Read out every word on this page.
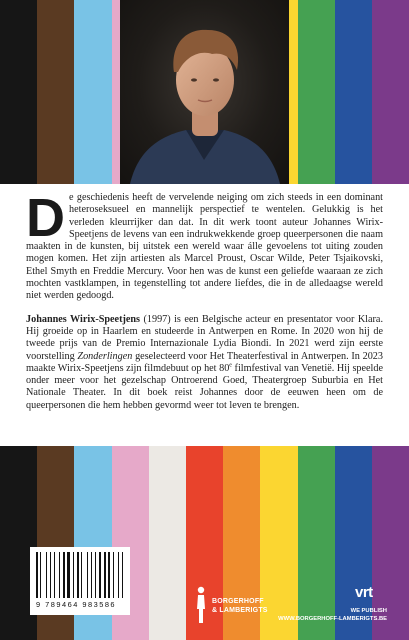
De geschiedenis heeft de vervelende neiging om zich steeds in een dominant heteroseksueel en mannelijk perspectief te wentelen. Gelukkig is het verleden kleurrijker dan dat. In dit werk toont auteur Johannes Wirix-Speetjens de levens van een indrukwekkende groep queerpersonen die naam maakten in de kunsten, bij uitstek een wereld waar álle gevoelens tot uiting zouden mogen komen. Het zijn artiesten als Marcel Proust, Oscar Wilde, Peter Tsjaikovski, Ethel Smyth en Freddie Mercury. Voor hen was de kunst een geliefde waaraan ze zich mochten vastklampen, in tegenstelling tot andere liefdes, die in de alledaagse wereld niet werden gedoogd.

Johannes Wirix-Speetjens (1997) is een Belgische acteur en presentator voor Klara. Hij groeide op in Haarlem en studeerde in Antwerpen en Rome. In 2020 won hij de tweede prijs van de Premio Internazionale Lydia Biondi. In 2021 werd zijn eerste voorstelling Zonderlingen geselecteerd voor Het Theaterfestival in Antwerpen. In 2023 maakte Wirix-Speetjens zijn filmdebuut op het 80e filmfestival van Venetië. Hij speelde onder meer voor het gezelschap Ontroerend Goed, Theatergroep Suburbia en Het Nationale Theater. In dit boek reist Johannes door de eeuwen heen om de queerpersonen die hem hebben gevormd weer tot leven te brengen.

9 789464 983586	BORGERHOFF
& LAMBERIGTS
vrt
WE PUBLISH
WWW.BORGERHOFF-LAMBERIGTS.BE
